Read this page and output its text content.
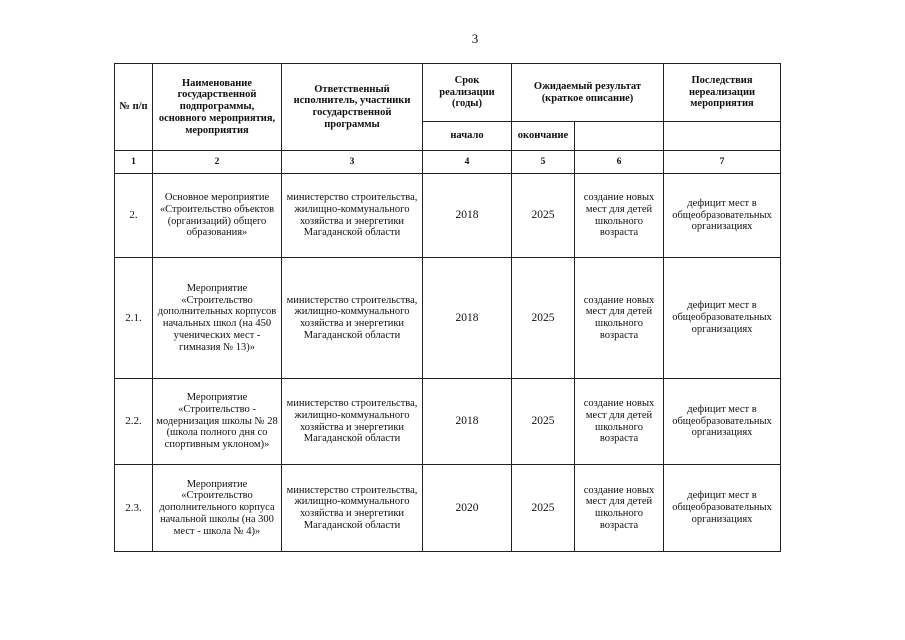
3
№ п/п	Наименование государственной подпрограммы, основного мероприятия, мероприятия	Ответственный исполнитель, участники государственной программы	Срок реализации (годы)	Ожидаемый результат (краткое описание)		Последствия нереализации мероприятия
			начало	окончание		
1	2	3	4	5	6	7
2.	Основное мероприятие «Строительство объектов (организаций) общего образования»	министерство строительства, жилищно-коммунального хозяйства и энергетики Магаданской области	2018	2025	создание новых мест для детей школьного возраста	дефицит мест в общеобразовательных организациях
2.1.	Мероприятие «Строительство дополнительных корпусов начальных школ (на 450 ученических мест - гимназия № 13)»	министерство строительства, жилищно-коммунального хозяйства и энергетики Магаданской области	2018	2025	создание новых мест для детей школьного возраста	дефицит мест в общеобразовательных организациях
2.2.	Мероприятие «Строительство - модернизация школы № 28 (школа полного дня со спортивным уклоном)»	министерство строительства, жилищно-коммунального хозяйства и энергетики Магаданской области	2018	2025	создание новых мест для детей школьного возраста	дефицит мест в общеобразовательных организациях
2.3.	Мероприятие «Строительство дополнительного корпуса начальной школы (на 300 мест - школа № 4)»	министерство строительства, жилищно-коммунального хозяйства и энергетики Магаданской области	2020	2025	создание новых мест для детей школьного возраста	дефицит мест в общеобразовательных организациях
